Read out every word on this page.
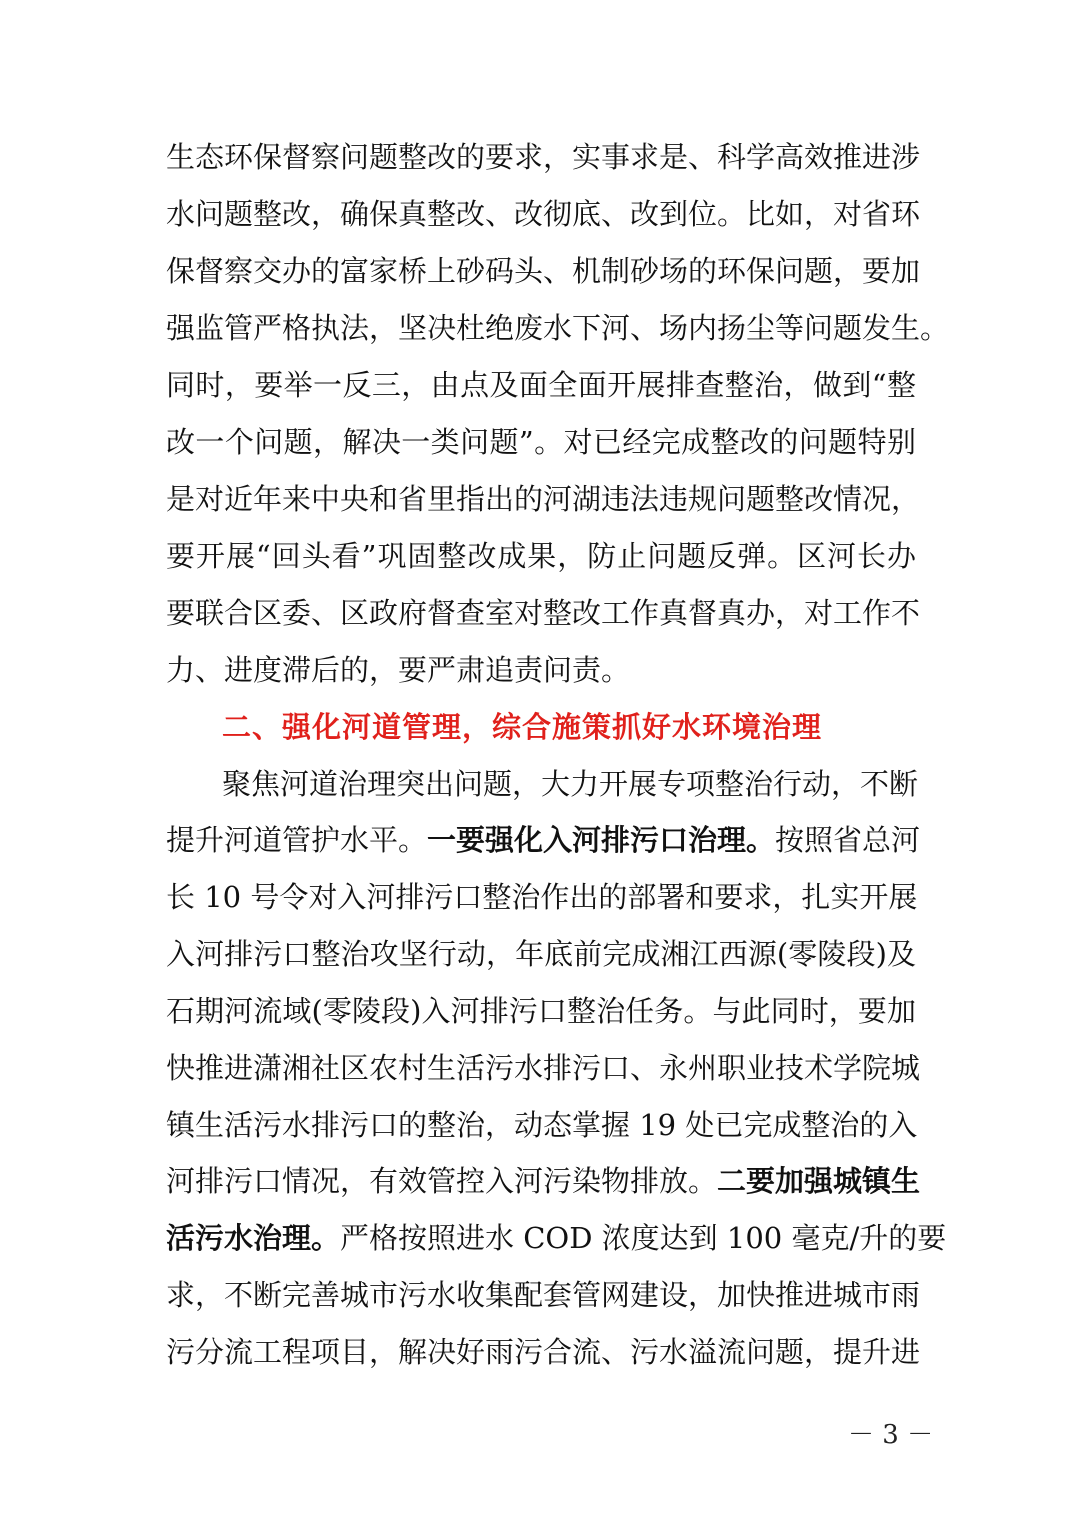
生态环保督察问题整改的要求，实事求是、科学高效推进涉
水问题整改，确保真整改、改彻底、改到位。比如，对省环
保督察交办的富家桥上砂码头、机制砂场的环保问题，要加
强监管严格执法，坚决杜绝废水下河、场内扬尘等问题发生。
同时，要举一反三，由点及面全面开展排查整治，做到“整
改一个问题，解决一类问题”。对已经完成整改的问题特别
是对近年来中央和省里指出的河湖违法违规问题整改情况，
要开展“回头看”巩固整改成果，防止问题反弹。区河长办
要联合区委、区政府督查室对整改工作真督真办，对工作不
力、进度滞后的，要严肃追责问责。
二、强化河道管理，综合施策抓好水环境治理
聚焦河道治理突出问题，大力开展专项整治行动，不断
提升河道管护水平。一要强化入河排污口治理。按照省总河
长 10 号令对入河排污口整治作出的部署和要求，扎实开展
入河排污口整治攻坚行动，年底前完成湘江西源(零陵段)及
石期河流域(零陵段)入河排污口整治任务。与此同时，要加
快推进潇湘社区农村生活污水排污口、永州职业技术学院城
镇生活污水排污口的整治，动态掌握 19 处已完成整治的入
河排污口情况，有效管控入河污染物排放。二要加强城镇生
活污水治理。严格按照进水 COD 浓度达到 100 毫克/升的要
求，不断完善城市污水收集配套管网建设，加快推进城市雨
污分流工程项目，解决好雨污合流、污水溢流问题，提升进
－ 3 －
